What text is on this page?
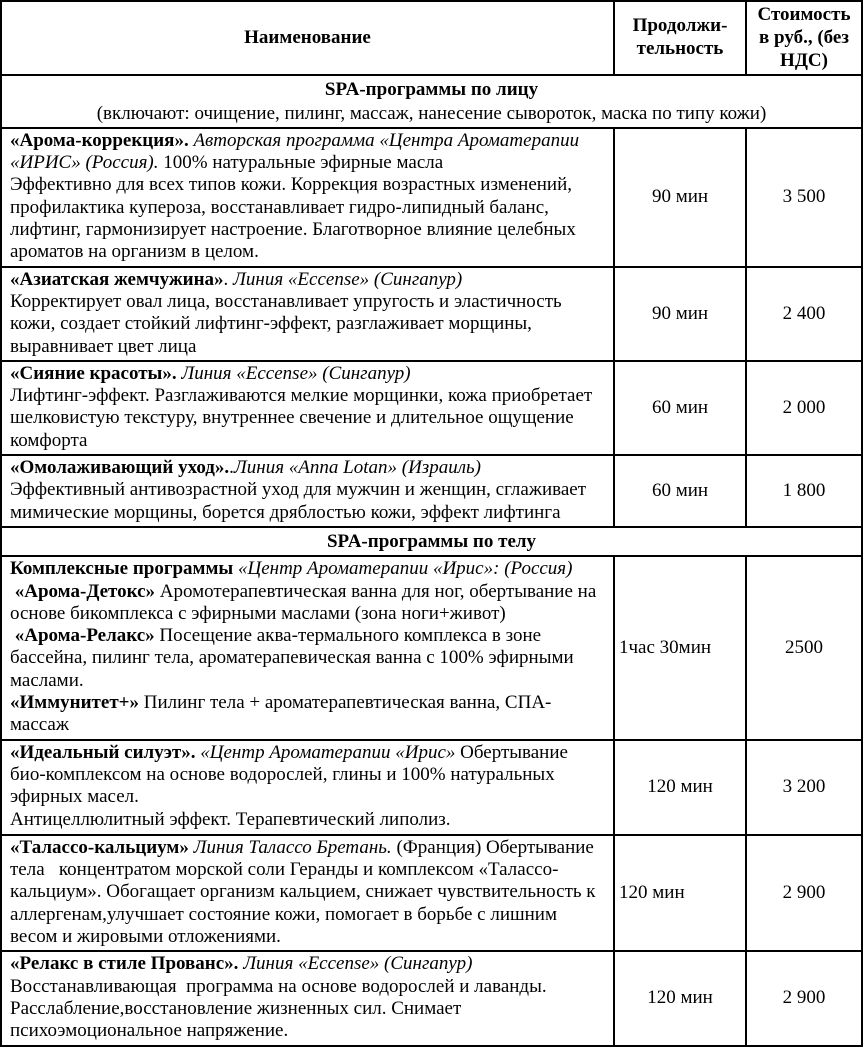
Наименование	Продолжи-тельность	Стоимость в руб., (без НДС)

SPA-программы по лицу
(включают: очищение, пилинг, массаж, нанесение сывороток, маска по типу кожи)		

«Арома-коррекция». Авторская программа «Центра Ароматерапии «ИРИС» (Россия). 100% натуральные эфирные масла
Эффективно для всех типов кожи. Коррекция возрастных изменений, профилактика купероза, восстанавливает гидро-липидный баланс, лифтинг, гармонизирует настроение. Благотворное влияние целебных ароматов на организм в целом.	90 мин	3 500

«Азиатская жемчужина». Линия «Eccense» (Сингапур)
Корректирует овал лица, восстанавливает упругость и эластичность кожи, создает стойкий лифтинг-эффект, разглаживает морщины, выравнивает цвет лица	90 мин	2 400

«Сияние красоты». Линия «Eccense» (Сингапур)
Лифтинг-эффект. Разглаживаются мелкие морщинки, кожа приобретает шелковистую текстуру, внутреннее свечение и длительное ощущение комфорта	60 мин	2 000

«Омолаживающий уход»..Линия «Anna Lotan» (Израиль)
Эффективный антивозрастной уход для мужчин и женщин, сглаживает мимические морщины, борется дряблостью кожи, эффект лифтинга	60 мин	1 800

SPA-программы по телу		

Комплексные программы «Центр Ароматерапии «Ирис»: (Россия)
«Арома-Детокс» Аромотерапевтическая ванна для ног, обертывание на основе бикомплекса с эфирными маслами (зона ноги+живот)
«Арома-Релакс» Посещение аква-термального комплекса в зоне бассейна, пилинг тела, ароматерапевическая ванна с 100% эфирными маслами.
«Иммунитет+» Пилинг тела + ароматерапевтическая ванна, СПА-массаж	1час 30мин	2500

«Идеальный силуэт». «Центр Ароматерапии «Ирис» Обертывание био-комплексом на основе водорослей, глины и 100% натуральных эфирных масел.
Антицеллюлитный эффект. Терапевтический липолиз.	120 мин	3 200

«Талассо-кальциум» Линия Талассо Бретань. (Франция) Обертывание тела   концентратом морской соли Геранды и комплексом «Талассо-кальциум». Обогащает организм кальцием, снижает чувствительность к аллергенам,улучшает состояние кожи, помогает в борьбе с лишним весом и жировыми отложениями.	120 мин	2 900

«Релакс в стиле Прованс». Линия «Eccense» (Сингапур)
Восстанавливающая  программа на основе водорослей и лаванды. Расслабление,восстановление жизненных сил. Снимает психоэмоциональное напряжение.	120 мин	2 900
